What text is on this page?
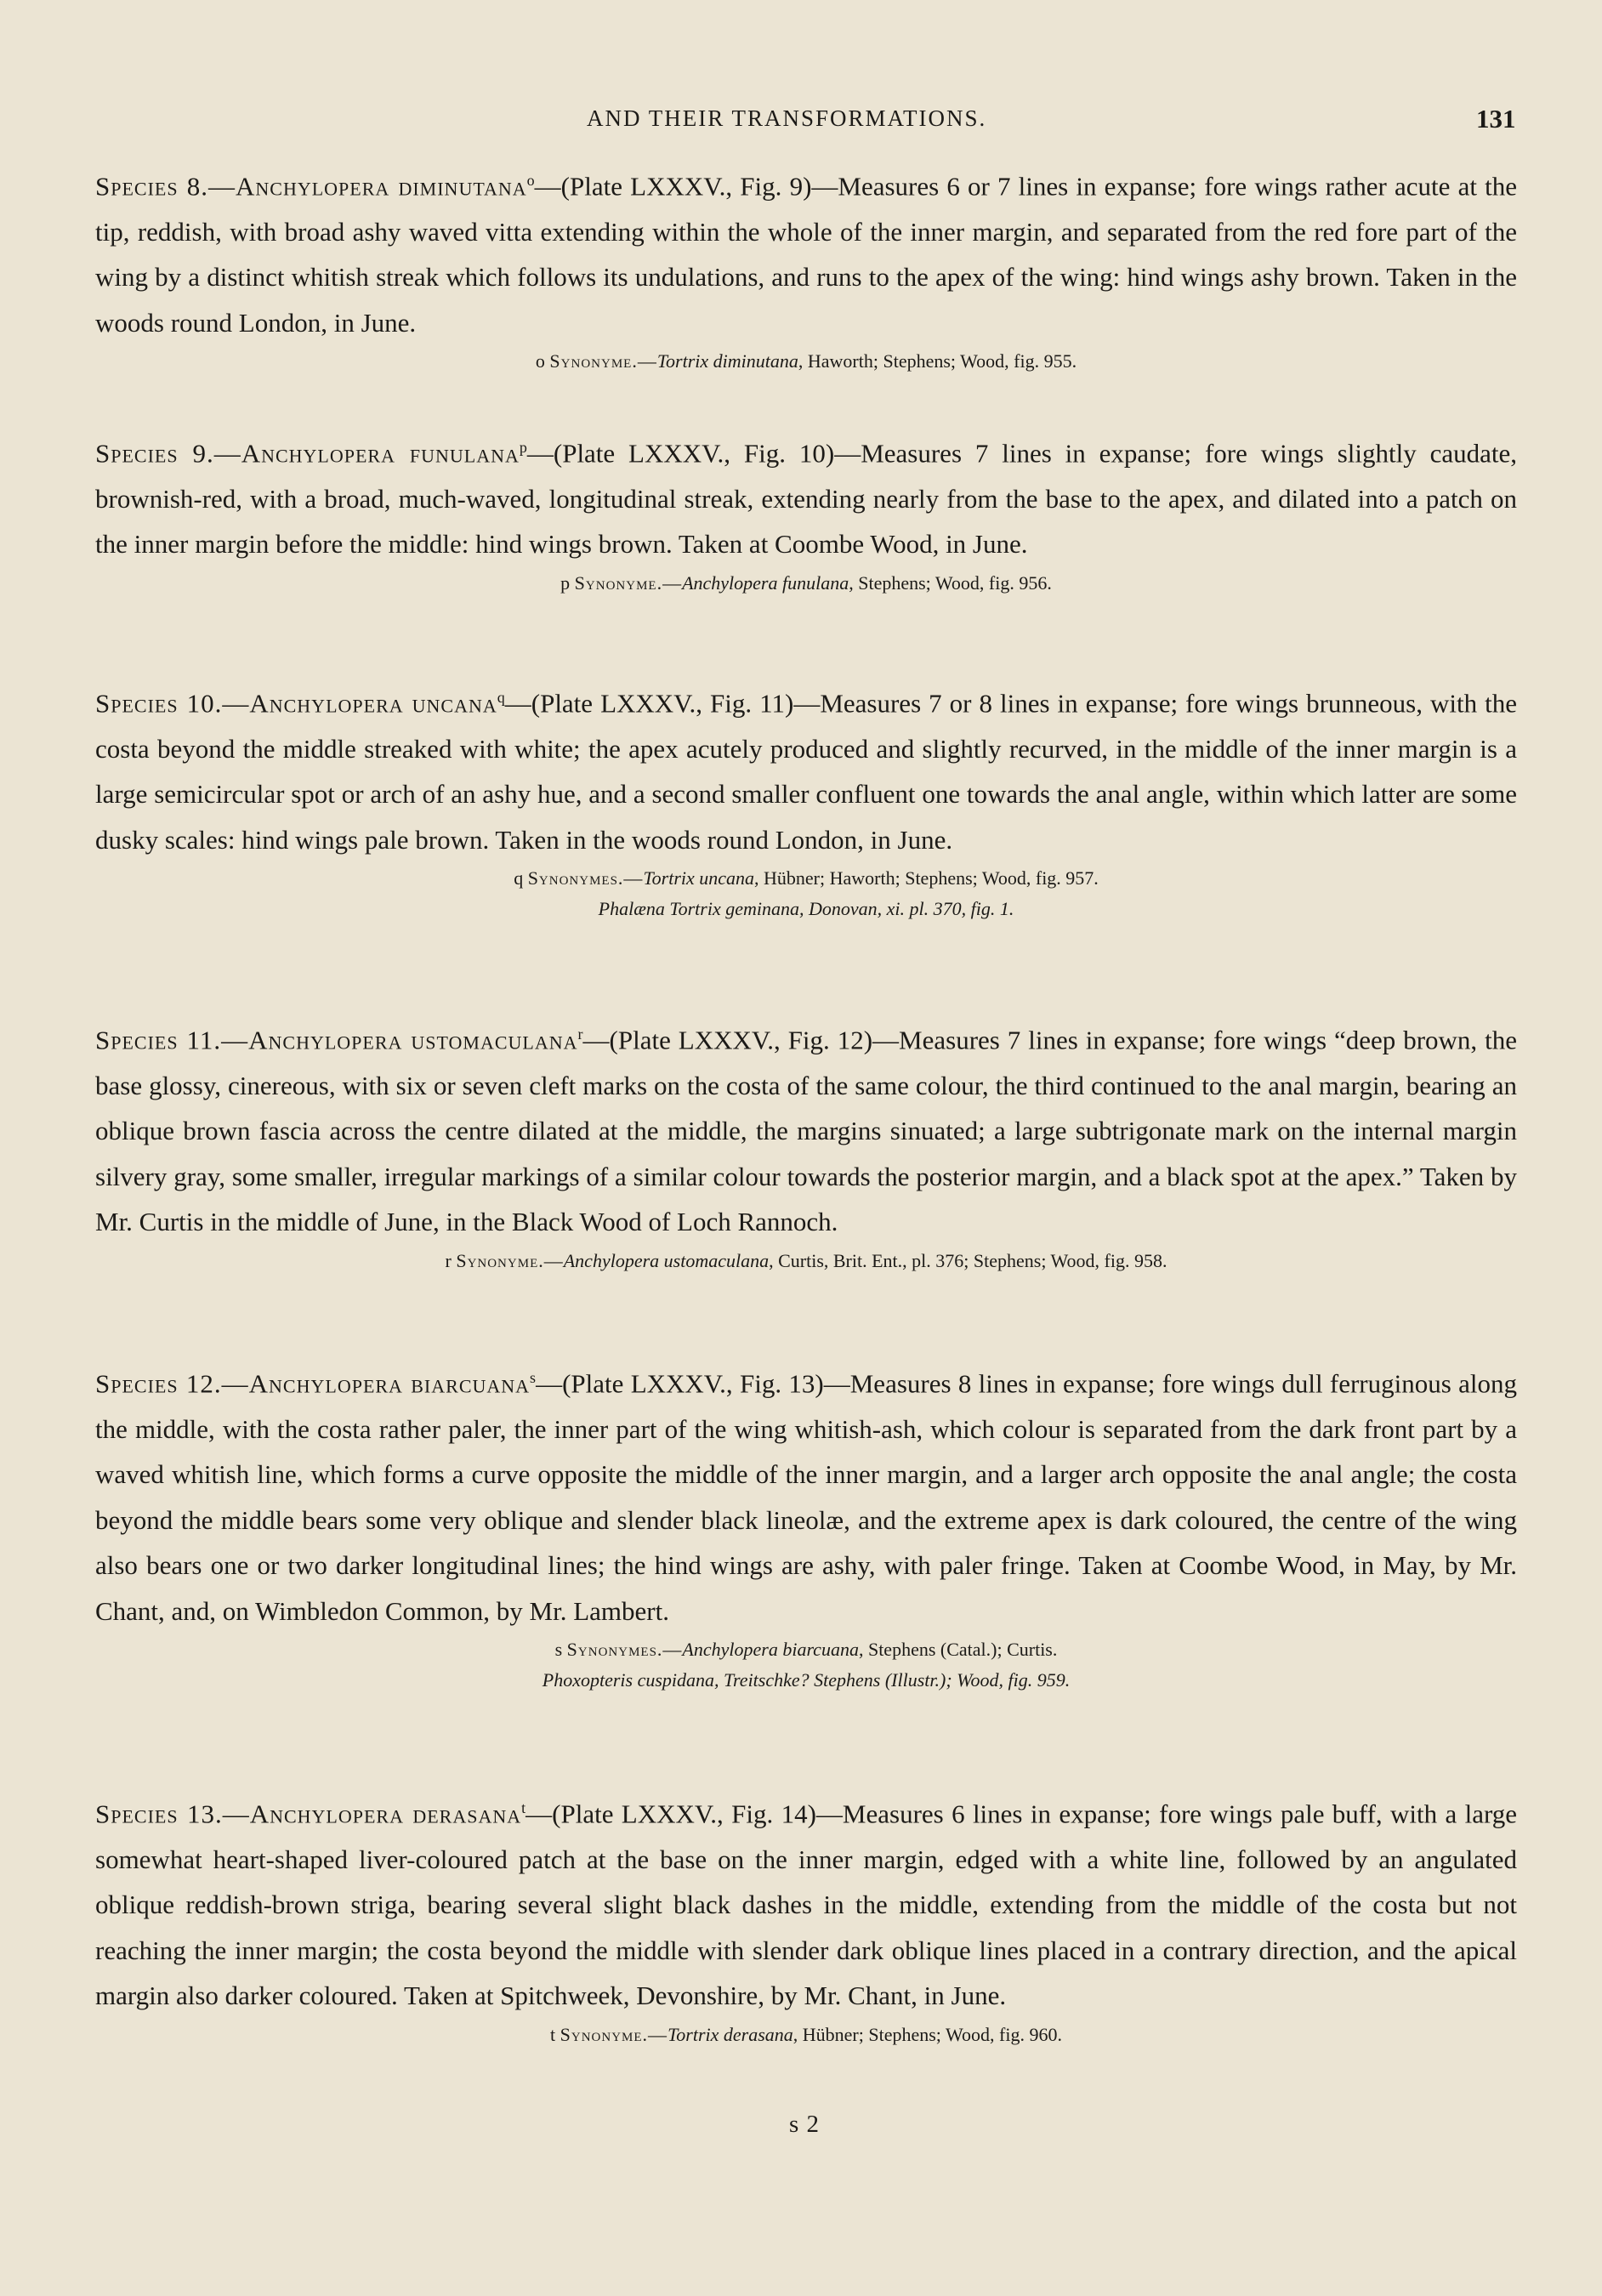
AND THEIR TRANSFORMATIONS.	131

Species 8.—Anchylopera diminutana$^o$—(Plate LXXXV., Fig. 9)—Measures 6 or 7 lines in expanse; fore wings rather acute at the tip, reddish, with broad ashy waved vitta extending within the whole of the inner margin, and separated from the red fore part of the wing by a distinct whitish streak which follows its undulations, and runs to the apex of the wing: hind wings ashy brown. Taken in the woods round London, in June.

o Synonyme.—Tortrix diminutana, Haworth; Stephens; Wood, fig. 955.

Species 9.—Anchylopera funulana$^p$—(Plate LXXXV., Fig. 10)—Measures 7 lines in expanse; fore wings slightly caudate, brownish-red, with a broad, much-waved, longitudinal streak, extending nearly from the base to the apex, and dilated into a patch on the inner margin before the middle: hind wings brown. Taken at Coombe Wood, in June.

p Synonyme.—Anchylopera funulana, Stephens; Wood, fig. 956.

Species 10.—Anchylopera uncana$^q$—(Plate LXXXV., Fig. 11)—Measures 7 or 8 lines in expanse; fore wings brunneous, with the costa beyond the middle streaked with white; the apex acutely produced and slightly recurved, in the middle of the inner margin is a large semicircular spot or arch of an ashy hue, and a second smaller confluent one towards the anal angle, within which latter are some dusky scales: hind wings pale brown. Taken in the woods round London, in June.

q Synonymes.—Tortrix uncana, Hübner; Haworth; Stephens; Wood, fig. 957.
Phalæna Tortrix geminana, Donovan, xi. pl. 370, fig. 1.

Species 11.—Anchylopera ustomaculana$^r$—(Plate LXXXV., Fig. 12)—Measures 7 lines in expanse; fore wings “deep brown, the base glossy, cinereous, with six or seven cleft marks on the costa of the same colour, the third continued to the anal margin, bearing an oblique brown fascia across the centre dilated at the middle, the margins sinuated; a large subtrigonate mark on the internal margin silvery gray, some smaller, irregular markings of a similar colour towards the posterior margin, and a black spot at the apex.” Taken by Mr. Curtis in the middle of June, in the Black Wood of Loch Rannoch.

r Synonyme.—Anchylopera ustomaculana, Curtis, Brit. Ent., pl. 376; Stephens; Wood, fig. 958.

Species 12.—Anchylopera biarcuana$^s$—(Plate LXXXV., Fig. 13)—Measures 8 lines in expanse; fore wings dull ferruginous along the middle, with the costa rather paler, the inner part of the wing whitish-ash, which colour is separated from the dark front part by a waved whitish line, which forms a curve opposite the middle of the inner margin, and a larger arch opposite the anal angle; the costa beyond the middle bears some very oblique and slender black lineolæ, and the extreme apex is dark coloured, the centre of the wing also bears one or two darker longitudinal lines; the hind wings are ashy, with paler fringe. Taken at Coombe Wood, in May, by Mr. Chant, and, on Wimbledon Common, by Mr. Lambert.

s Synonymes.—Anchylopera biarcuana, Stephens (Catal.); Curtis.
Phoxopteris cuspidana, Treitschke? Stephens (Illustr.); Wood, fig. 959.

Species 13.—Anchylopera derasana$^t$—(Plate LXXXV., Fig. 14)—Measures 6 lines in expanse; fore wings pale buff, with a large somewhat heart-shaped liver-coloured patch at the base on the inner margin, edged with a white line, followed by an angulated oblique reddish-brown striga, bearing several slight black dashes in the middle, extending from the middle of the costa but not reaching the inner margin; the costa beyond the middle with slender dark oblique lines placed in a contrary direction, and the apical margin also darker coloured. Taken at Spitchweek, Devonshire, by Mr. Chant, in June.

t Synonyme.—Tortrix derasana, Hübner; Stephens; Wood, fig. 960.
s 2
